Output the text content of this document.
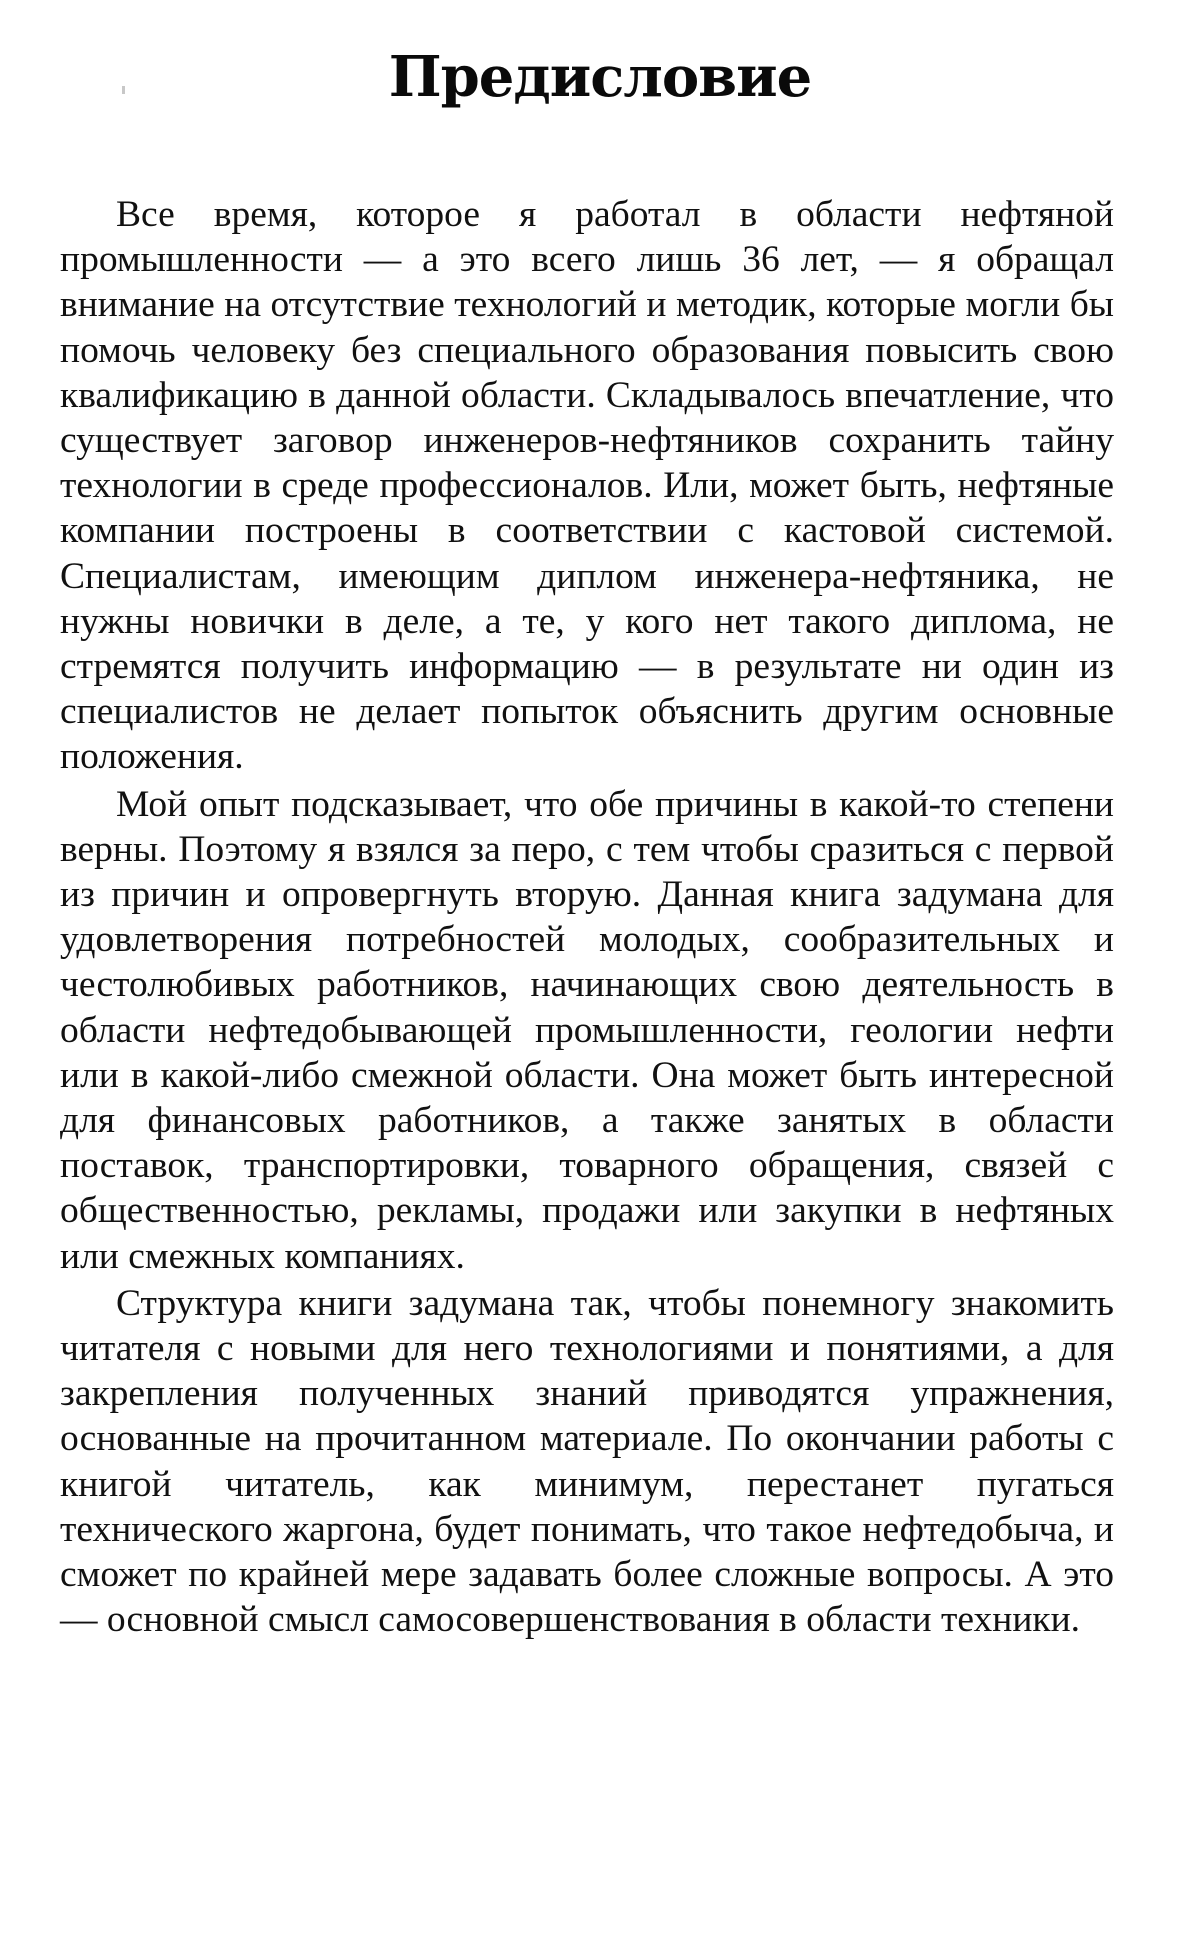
Предисловие

Все время, которое я работал в области нефтяной промышленности — а это всего лишь 36 лет, — я обращал внимание на отсутствие технологий и методик, которые могли бы помочь человеку без специального образования повысить свою квалификацию в данной области. Складывалось впечатление, что существует заговор инженеров-нефтяников сохранить тайну технологии в среде профессионалов. Или, может быть, нефтяные компании построены в соответствии с кастовой системой. Специалистам, имеющим диплом инженера-нефтяника, не нужны новички в деле, а те, у кого нет такого диплома, не стремятся получить информацию — в результате ни один из специалистов не делает попыток объяснить другим основные положения.

Мой опыт подсказывает, что обе причины в какой-то степени верны. Поэтому я взялся за перо, с тем чтобы сразиться с первой из причин и опровергнуть вторую. Данная книга задумана для удовлетворения потребностей молодых, сообразительных и честолюбивых работников, начинающих свою деятельность в области нефтедобывающей промышленности, геологии нефти или в какой-либо смежной области. Она может быть интересной для финансовых работников, а также занятых в области поставок, транспортировки, товарного обращения, связей с общественностью, рекламы, продажи или закупки в нефтяных или смежных компаниях.

Структура книги задумана так, чтобы понемногу знакомить читателя с новыми для него технологиями и понятиями, а для закрепления полученных знаний приводятся упражнения, основанные на прочитанном материале. По окончании работы с книгой читатель, как минимум, перестанет пугаться технического жаргона, будет понимать, что такое нефтедобыча, и сможет по крайней мере задавать более сложные вопросы. А это — основной смысл самосовершенствования в области техники.
